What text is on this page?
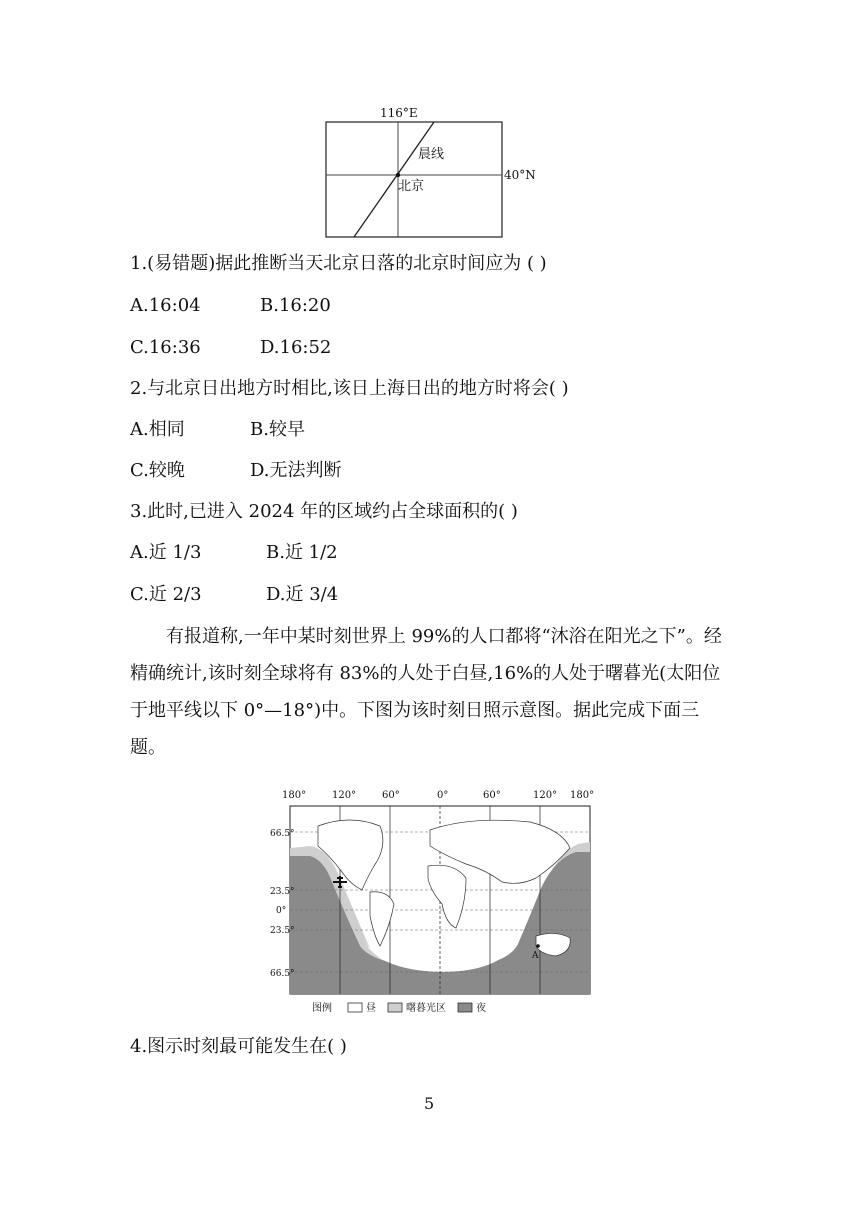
116°E
晨线
北京
40°N
1.(易错题)据此推断当天北京日落的北京时间应为 ( )
A.16:04	B.16:20
C.16:36	D.16:52
2.与北京日出地方时相比,该日上海日出的地方时将会( )
A.相同	B.较早
C.较晚	D.无法判断
3.此时,已进入 2024 年的区域约占全球面积的( )
A.近 1/3	B.近 1/2
C.近 2/3	D.近 3/4
有报道称,一年中某时刻世界上 99%的人口都将“沐浴在阳光之下”。经精确统计,该时刻全球将有 83%的人处于白昼,16%的人处于曙暮光(太阳位于地平线以下 0°—18°)中。下图为该时刻日照示意图。据此完成下面三题。
180°	120°	60°	0°	60°	120° 180°
A
66.5°
23.5°
0°
23.5°
66.5°
图例	昼	曙暮光区	夜
4.图示时刻最可能发生在( )
5
